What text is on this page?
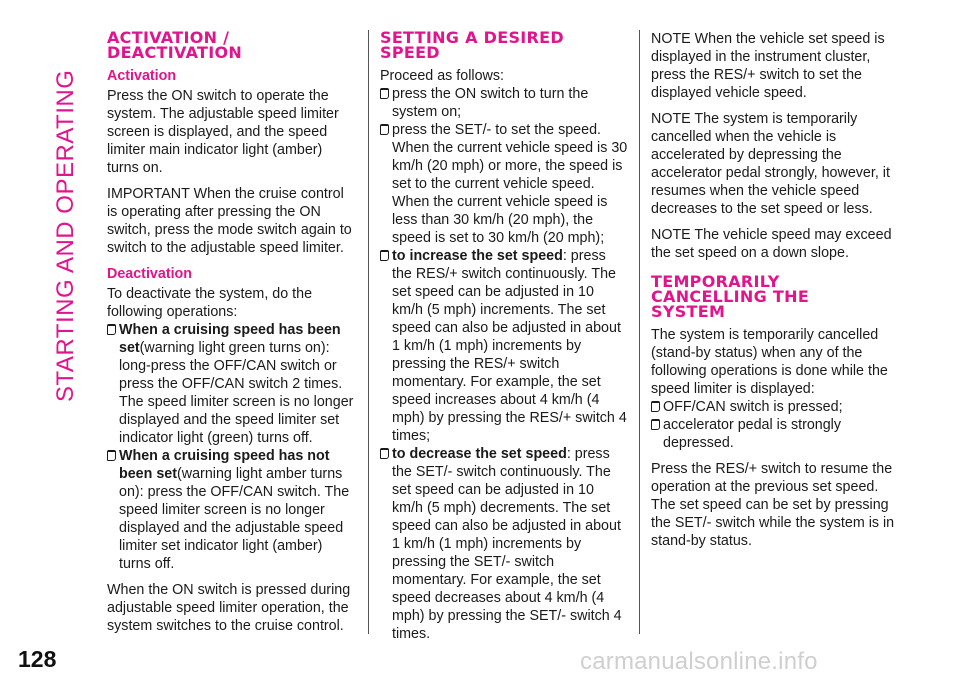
STARTING AND OPERATING
128	carmanualsonline.info
ACTIVATION /
DEACTIVATION
Activation

Press the ON switch to operate the system. The adjustable speed limiter screen is displayed, and the speed limiter main indicator light (amber) turns on.

IMPORTANT When the cruise control is operating after pressing the ON switch, press the mode switch again to switch to the adjustable speed limiter.

Deactivation

To deactivate the system, do the following operations:

When a cruising speed has been set(warning light green turns on): long-press the OFF/CAN switch or press the OFF/CAN switch 2 times. The speed limiter screen is no longer displayed and the speed limiter set indicator light (green) turns off.
When a cruising speed has not been set(warning light amber turns on): press the OFF/CAN switch. The speed limiter screen is no longer displayed and the adjustable speed limiter set indicator light (amber) turns off.

When the ON switch is pressed during adjustable speed limiter operation, the system switches to the cruise control.

SETTING A DESIRED
SPEED

Proceed as follows:

press the ON switch to turn the system on;
press the SET/- to set the speed. When the current vehicle speed is 30 km/h (20 mph) or more, the speed is set to the current vehicle speed. When the current vehicle speed is less than 30 km/h (20 mph), the speed is set to 30 km/h (20 mph);
to increase the set speed: press the RES/+ switch continuously. The set speed can be adjusted in 10 km/h (5 mph) increments. The set speed can also be adjusted in about 1 km/h (1 mph) increments by pressing the RES/+ switch momentary. For example, the set speed increases about 4 km/h (4 mph) by pressing the RES/+ switch 4 times;
to decrease the set speed: press the SET/- switch continuously. The set speed can be adjusted in 10 km/h (5 mph) decrements. The set speed can also be adjusted in about 1 km/h (1 mph) increments by pressing the SET/- switch momentary. For example, the set speed decreases about 4 km/h (4 mph) by pressing the SET/- switch 4 times.

NOTE When the vehicle set speed is displayed in the instrument cluster, press the RES/+ switch to set the displayed vehicle speed.

NOTE The system is temporarily cancelled when the vehicle is accelerated by depressing the accelerator pedal strongly, however, it resumes when the vehicle speed decreases to the set speed or less.

NOTE The vehicle speed may exceed the set speed on a down slope.

TEMPORARILY
CANCELLING THE
SYSTEM

The system is temporarily cancelled (stand-by status) when any of the following operations is done while the speed limiter is displayed:

OFF/CAN switch is pressed;
accelerator pedal is strongly depressed.

Press the RES/+ switch to resume the operation at the previous set speed. The set speed can be set by pressing the SET/- switch while the system is in stand-by status.
